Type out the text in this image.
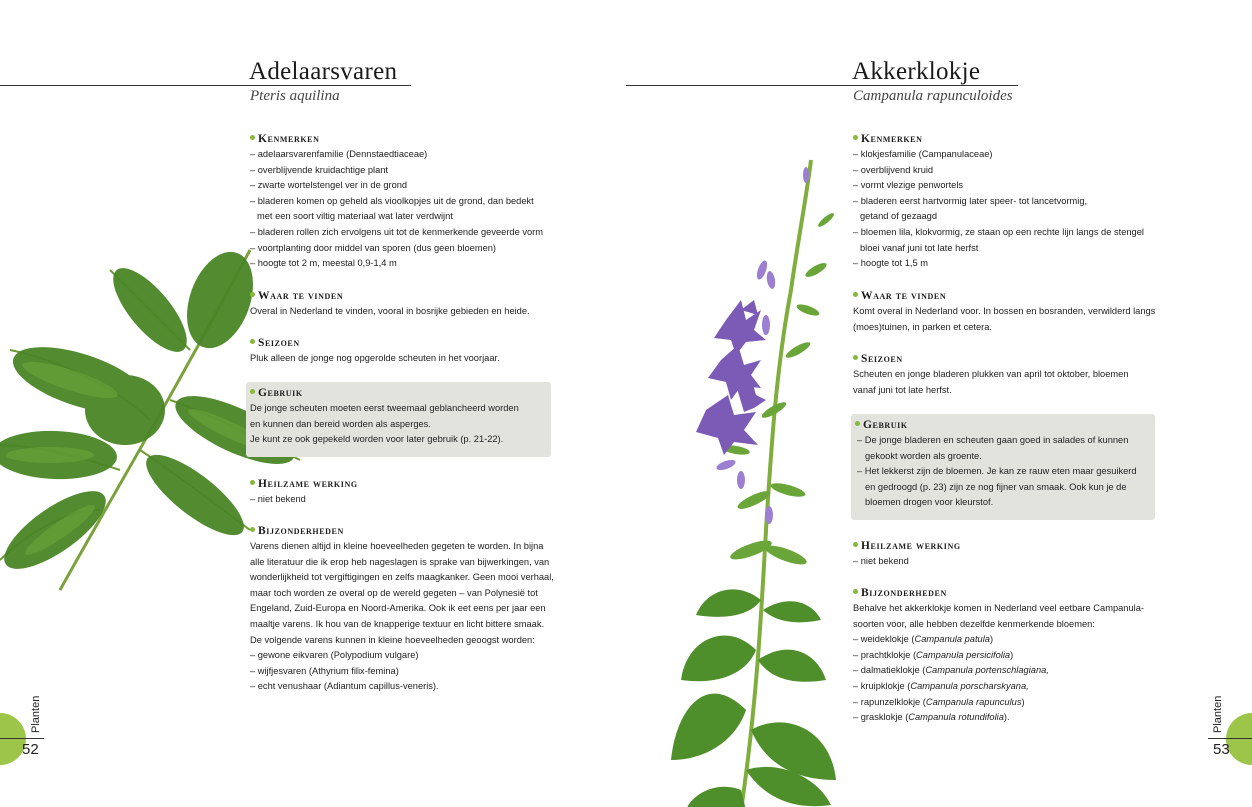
Adelaarsvaren
Pteris aquilina
Kenmerken
– adelaarsvarenfamilie (Dennstaedtiaceae)
– overblijvende kruidachtige plant
– zwarte wortelstengel ver in de grond
– bladeren komen op geheld als vioolkopjes uit de grond, dan bedekt
met een soort viltig materiaal wat later verdwijnt
– bladeren rollen zich ervolgens uit tot de kenmerkende geveerde vorm
– voortplanting door middel van sporen (dus geen bloemen)
– hoogte tot 2 m, meestal 0,9-1,4 m
Waar te vinden
Overal in Nederland te vinden, vooral in bosrijke gebieden en heide.
Seizoen
Pluk alleen de jonge nog opgerolde scheuten in het voorjaar.
Gebruik
De jonge scheuten moeten eerst tweemaal geblancheerd worden
en kunnen dan bereid worden als asperges.
Je kunt ze ook gepekeld worden voor later gebruik (p. 21-22).
Heilzame werking
– niet bekend
Bijzonderheden
Varens dienen altijd in kleine hoeveelheden gegeten te worden. In bijna
alle literatuur die ik erop heb nageslagen is sprake van bijwerkingen, van
wonderlijkheid tot vergiftigingen en zelfs maagkanker. Geen mooi verhaal,
maar toch worden ze overal op de wereld gegeten – van Polynesië tot
Engeland, Zuid-Europa en Noord-Amerika. Ook ik eet eens per jaar een
maaltje varens. Ik hou van de knapperige textuur en licht bittere smaak.
De volgende varens kunnen in kleine hoeveelheden geoogst worden:
– gewone eikvaren (Polypodium vulgare)
– wijfjesvaren (Athyrium filix-femina)
– echt venushaar (Adiantum capillus-veneris).
Planten
52
Akkerklokje
Campanula rapunculoides
Kenmerken
– klokjesfamilie (Campanulaceae)
– overblijvend kruid
– vormt vlezige penwortels
– bladeren eerst hartvormig later speer- tot lancetvormig,
getand of gezaagd
– bloemen lila, klokvormig, ze staan op een rechte lijn langs de stengel
bloei vanaf juni tot late herfst
– hoogte tot 1,5 m
Waar te vinden
Komt overal in Nederland voor. In bossen en bosranden, verwilderd langs
(moes)tuinen, in parken et cetera.
Seizoen
Scheuten en jonge bladeren plukken van april tot oktober, bloemen
vanaf juni tot late herfst.
Gebruik
– De jonge bladeren en scheuten gaan goed in salades of kunnen
gekookt worden als groente.
– Het lekkerst zijn de bloemen. Je kan ze rauw eten maar gesuikerd
en gedroogd (p. 23) zijn ze nog fijner van smaak. Ook kun je de
bloemen drogen voor kleurstof.
Heilzame werking
– niet bekend
Bijzonderheden
Behalve het akkerklokje komen in Nederland veel eetbare Campanula-
soorten voor, alle hebben dezelfde kenmerkende bloemen:
– weideklokje (Campanula patula)
– prachtklokje (Campanula persicifolia)
– dalmatieklokje (Campanula portenschlagiana,
– kruipklokje (Campanula porscharskyana,
– rapunzelklokje (Campanula rapunculus)
– grasklokje (Campanula rotundifolia).	Planten
53
